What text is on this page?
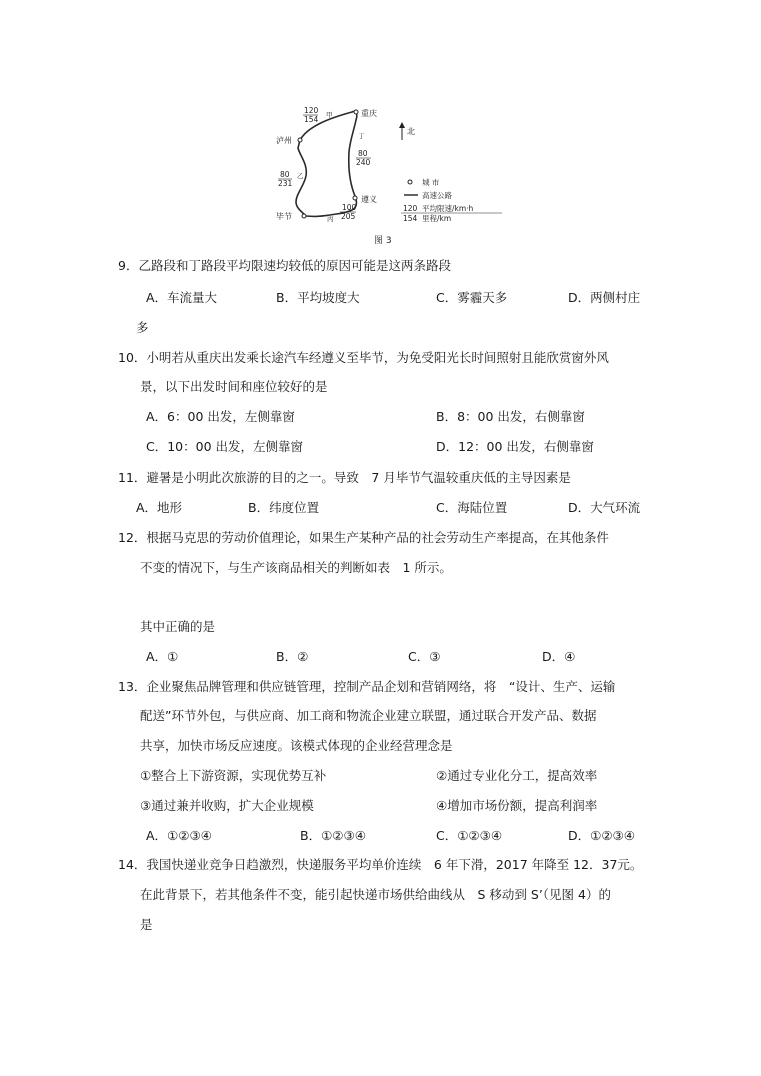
重庆
泸州
遵义
毕节
120
154 甲
丁
80
240
80
231
乙
100
205
丙
北
城 市
高速公路
120
154
平均限速/km·h
里程/km
图 3
9．乙路段和丁路段平均限速均较低的原因可能是这两条路段
A．车流量大	B．平均坡度大	C．雾霾天多	D．两侧村庄
多
10．小明若从重庆出发乘长途汽车经遵义至毕节，为免受阳光长时间照射且能欣赏窗外风
景，以下出发时间和座位较好的是
A．6：00 出发，左侧靠窗	B．8：00 出发，右侧靠窗
C．10：00 出发，左侧靠窗	D．12：00 出发，右侧靠窗
11．避暑是小明此次旅游的目的之一。导致　7 月毕节气温较重庆低的主导因素是
A．地形	B．纬度位置	C．海陆位置	D．大气环流
12．根据马克思的劳动价值理论，如果生产某种产品的社会劳动生产率提高，在其他条件
不变的情况下，与生产该商品相关的判断如表　1 所示。
其中正确的是
A．①	B．②	C．③	D．④
13．企业聚焦品牌管理和供应链管理，控制产品企划和营销网络，将　“设计、生产、运输
配送”环节外包，与供应商、加工商和物流企业建立联盟，通过联合开发产品、数据
共享，加快市场反应速度。该模式体现的企业经营理念是
①整合上下游资源，实现优势互补	②通过专业化分工，提高效率
③通过兼并收购，扩大企业规模	④增加市场份额，提高利润率
A．①②③④	B．①②③④	C．①②③④	D．①②③④
14．我国快递业竞争日趋激烈，快递服务平均单价连续　6 年下滑，2017 年降至 12．37元。
在此背景下，若其他条件不变，能引起快递市场供给曲线从　S 移动到 S’（见图 4）的
是
